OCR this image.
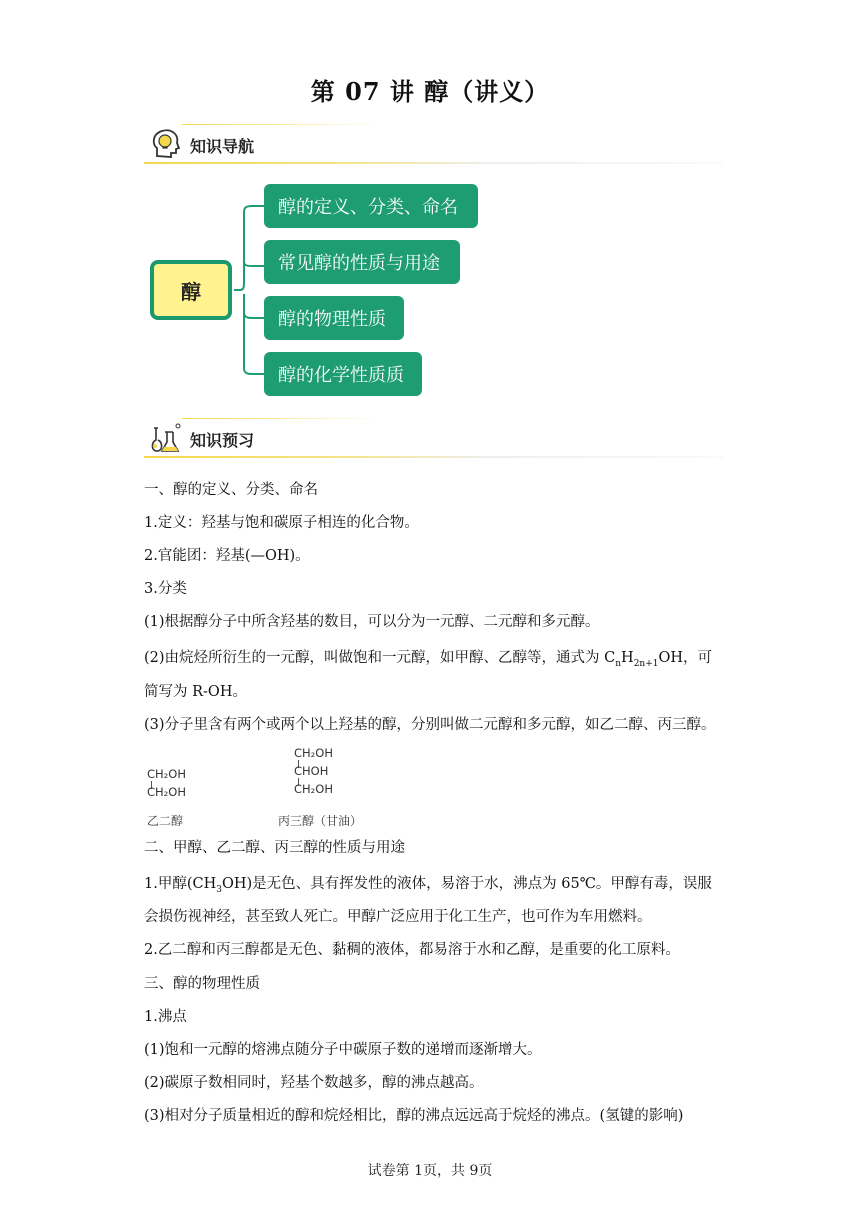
第 07 讲 醇（讲义）
知识导航
醇
醇的定义、分类、命名
常见醇的性质与用途
醇的物理性质
醇的化学性质质
知识预习
一、醇的定义、分类、命名
1.定义：羟基与饱和碳原子相连的化合物。
2.官能团：羟基(—OH)。
3.分类
(1)根据醇分子中所含羟基的数目，可以分为一元醇、二元醇和多元醇。
(2)由烷烃所衍生的一元醇，叫做饱和一元醇，如甲醇、乙醇等，通式为 $C_nH_{2n+1}OH$，可
简写为 R-OH。
(3)分子里含有两个或两个以上羟基的醇，分别叫做二元醇和多元醇，如乙二醇、丙三醇。
CH₂OH
CH₂OH
乙二醇
CH₂OH
CHOH
CH₂OH
丙三醇（甘油）
二、甲醇、乙二醇、丙三醇的性质与用途
1.甲醇$(CH_3OH)$是无色、具有挥发性的液体，易溶于水，沸点为 65℃。甲醇有毒，误服
会损伤视神经，甚至致人死亡。甲醇广泛应用于化工生产，也可作为车用燃料。
2.乙二醇和丙三醇都是无色、黏稠的液体，都易溶于水和乙醇，是重要的化工原料。
三、醇的物理性质
1.沸点
(1)饱和一元醇的熔沸点随分子中碳原子数的递增而逐渐增大。
(2)碳原子数相同时，羟基个数越多，醇的沸点越高。
(3)相对分子质量相近的醇和烷烃相比，醇的沸点远远高于烷烃的沸点。(氢键的影响)
试卷第 1页，共 9页
